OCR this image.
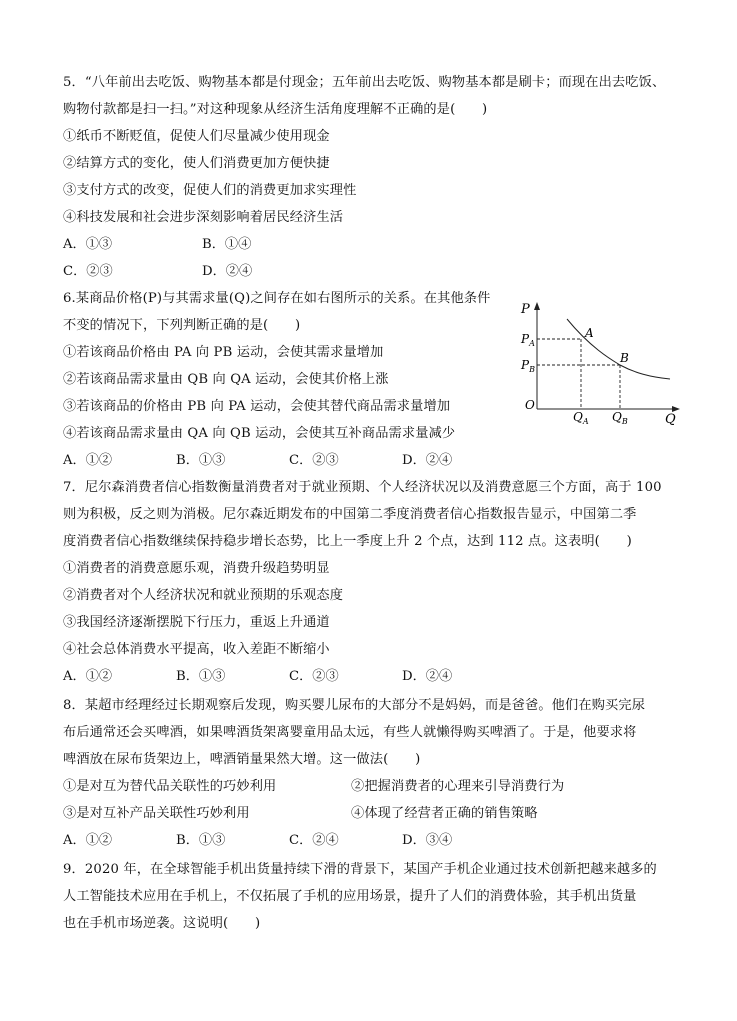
5．“八年前出去吃饭、购物基本都是付现金；五年前出去吃饭、购物基本都是刷卡；而现在出去吃饭、
购物付款都是扫一扫。”对这种现象从经济生活角度理解不正确的是(　　)
①纸币不断贬值，促使人们尽量减少使用现金
②结算方式的变化，使人们消费更加方便快捷
③支付方式的改变，促使人们的消费更加求实理性
④科技发展和社会进步深刻影响着居民经济生活
A．①③	B．①④
C．②③	D．②④
6.某商品价格(P)与其需求量(Q)之间存在如右图所示的关系。在其他条件
不变的情况下，下列判断正确的是(　　)
①若该商品价格由 PA 向 PB 运动，会使其需求量增加
②若该商品需求量由 QB 向 QA 运动，会使其价格上涨
③若该商品的价格由 PB 向 PA 运动，会使其替代商品需求量增加
④若该商品需求量由 QA 向 QB 运动，会使其互补商品需求量减少
A．①②	B．①③	C．②③	D．②④
P
Q
O
A
B
$P_A$
$P_B$
$Q_A$ $Q_B$
7．尼尔森消费者信心指数衡量消费者对于就业预期、个人经济状况以及消费意愿三个方面，高于 100
则为积极，反之则为消极。尼尔森近期发布的中国第二季度消费者信心指数报告显示，中国第二季
度消费者信心指数继续保持稳步增长态势，比上一季度上升 2 个点，达到 112 点。这表明(　　)
①消费者的消费意愿乐观，消费升级趋势明显
②消费者对个人经济状况和就业预期的乐观态度
③我国经济逐渐摆脱下行压力，重返上升通道
④社会总体消费水平提高，收入差距不断缩小
A．①②	B．①③	C．②③	D．②④
8．某超市经理经过长期观察后发现，购买婴儿尿布的大部分不是妈妈，而是爸爸。他们在购买完尿
布后通常还会买啤酒，如果啤酒货架离婴童用品太远，有些人就懒得购买啤酒了。于是，他要求将
啤酒放在尿布货架边上，啤酒销量果然大增。这一做法(　　)
①是对互为替代品关联性的巧妙利用	②把握消费者的心理来引导消费行为
③是对互补产品关联性巧妙利用	④体现了经营者正确的销售策略
A．①②	B．①③	C．②④	D．③④
9．2020 年，在全球智能手机出货量持续下滑的背景下，某国产手机企业通过技术创新把越来越多的
人工智能技术应用在手机上，不仅拓展了手机的应用场景，提升了人们的消费体验，其手机出货量
也在手机市场逆袭。这说明(　　)
